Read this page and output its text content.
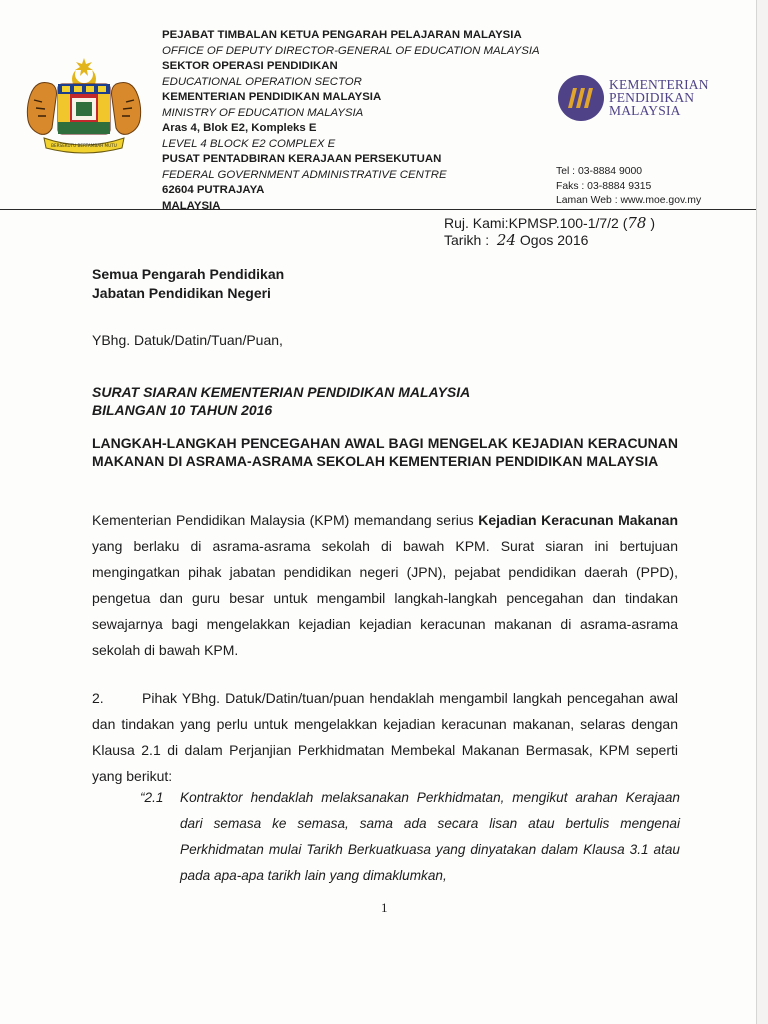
BERSEKUTU BERTAMBAH MUTU
PEJABAT TIMBALAN KETUA PENGARAH PELAJARAN MALAYSIA
OFFICE OF DEPUTY DIRECTOR-GENERAL OF EDUCATION MALAYSIA
SEKTOR OPERASI PENDIDIKAN
EDUCATIONAL OPERATION SECTOR
KEMENTERIAN PENDIDIKAN MALAYSIA
MINISTRY OF EDUCATION MALAYSIA
Aras 4, Blok E2, Kompleks E
LEVEL 4 BLOCK E2 COMPLEX E
PUSAT PENTADBIRAN KERAJAAN PERSEKUTUAN
FEDERAL GOVERNMENT ADMINISTRATIVE CENTRE
62604 PUTRAJAYA
MALAYSIA
KEMENTERIAN
PENDIDIKAN
MALAYSIA
Tel : 03-8884 9000
Faks : 03-8884 9315
Laman Web : www.moe.gov.my
Ruj. Kami:KPMSP.100-1/7/2 (78 )
Tarikh : 24 Ogos 2016
Semua Pengarah Pendidikan
Jabatan Pendidikan Negeri
YBhg. Datuk/Datin/Tuan/Puan,
SURAT SIARAN KEMENTERIAN PENDIDIKAN MALAYSIA
BILANGAN 10 TAHUN 2016
LANGKAH-LANGKAH PENCEGAHAN AWAL BAGI MENGELAK KEJADIAN KERACUNAN MAKANAN DI ASRAMA-ASRAMA SEKOLAH KEMENTERIAN PENDIDIKAN MALAYSIA
Kementerian Pendidikan Malaysia (KPM) memandang serius Kejadian Keracunan Makanan yang berlaku di asrama-asrama sekolah di bawah KPM. Surat siaran ini bertujuan mengingatkan pihak jabatan pendidikan negeri (JPN), pejabat pendidikan daerah (PPD), pengetua dan guru besar untuk mengambil langkah-langkah pencegahan dan tindakan sewajarnya bagi mengelakkan kejadian kejadian keracunan makanan di asrama-asrama sekolah di bawah KPM.
2.	Pihak YBhg. Datuk/Datin/tuan/puan hendaklah mengambil langkah pencegahan awal dan tindakan yang perlu untuk mengelakkan kejadian keracunan makanan, selaras dengan Klausa 2.1 di dalam Perjanjian Perkhidmatan Membekal Makanan Bermasak, KPM seperti yang berikut:
“2.1 Kontraktor hendaklah melaksanakan Perkhidmatan, mengikut arahan Kerajaan dari semasa ke semasa, sama ada secara lisan atau bertulis mengenai Perkhidmatan mulai Tarikh Berkuatkuasa yang dinyatakan dalam Klausa 3.1 atau pada apa-apa tarikh lain yang dimaklumkan,
1
